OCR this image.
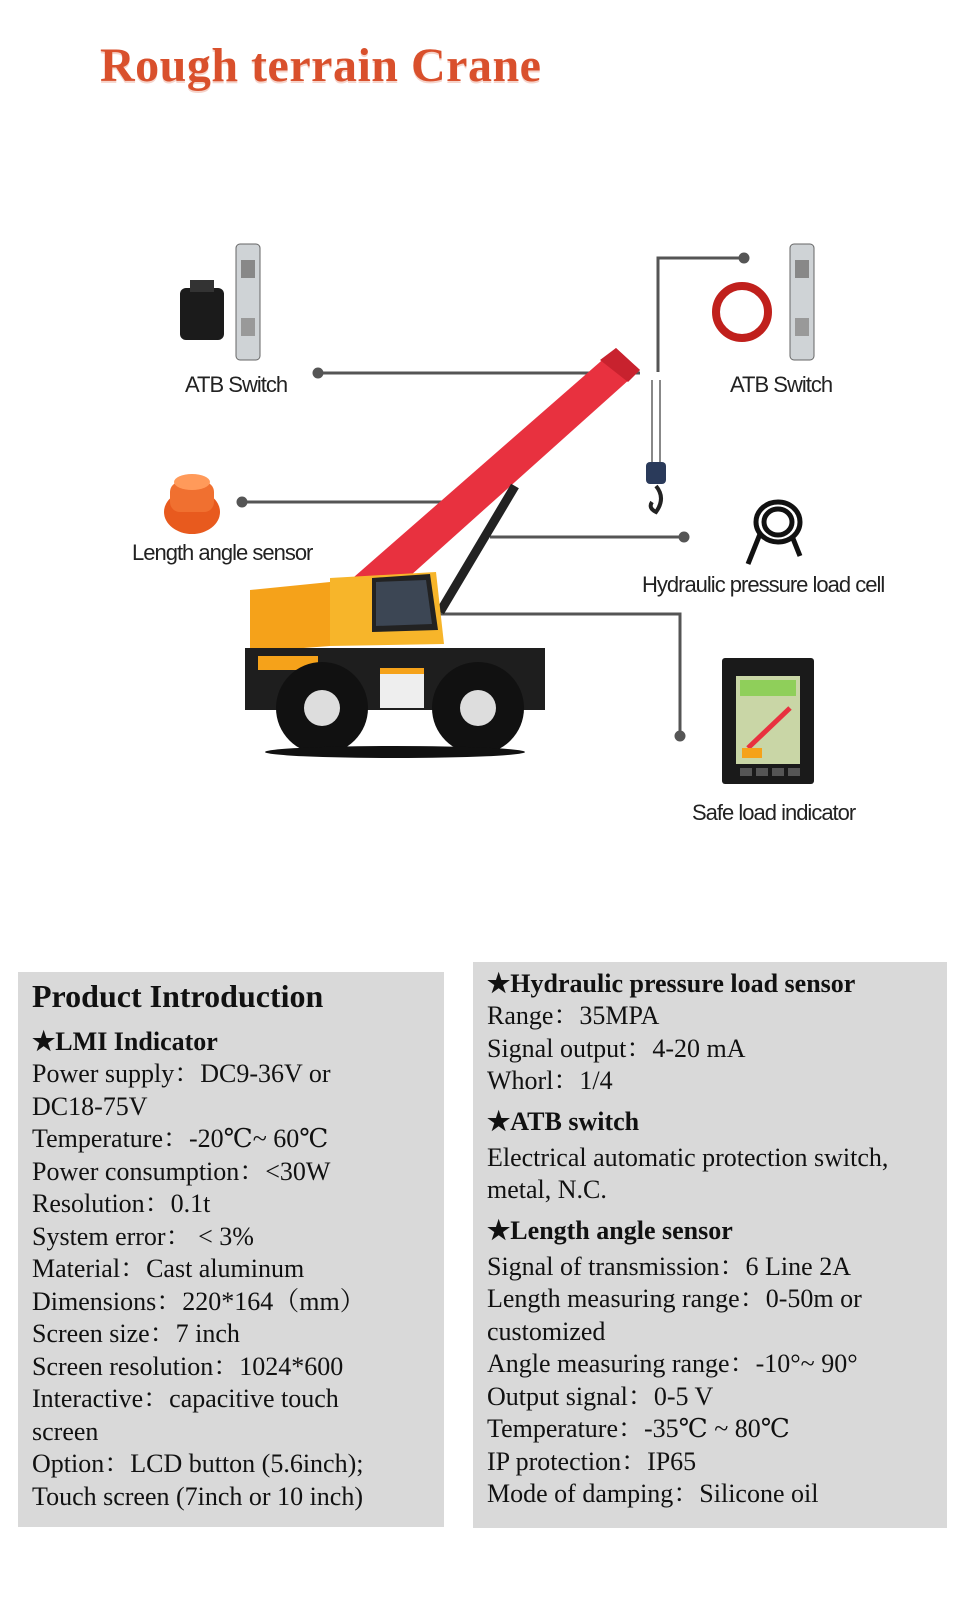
Rough terrain Crane
ATB Switch	ATB Switch
Length angle sensor
Hydraulic pressure load cell
Safe load indicator
Product Introduction
★LMI Indicator
Power supply：DC9-36V or
DC18-75V
Temperature：-20℃~ 60℃
Power consumption：<30W
Resolution：0.1t
System error： < 3%
Material：Cast aluminum
Dimensions：220*164（mm）
Screen size：7 inch
Screen resolution：1024*600
Interactive：capacitive touch
screen
Option：LCD button (5.6inch);
Touch screen (7inch or 10 inch)
★Hydraulic pressure load sensor
Range：35MPA
Signal output：4-20 mA
Whorl：1/4
★ATB switch
Electrical automatic protection switch,
metal, N.C.
★Length angle sensor
Signal of transmission：6 Line 2A
Length measuring range：0-50m or
customized
Angle measuring range：-10°~ 90°
Output signal：0-5 V
Temperature：-35℃ ~ 80℃
IP protection：IP65
Mode of damping：Silicone oil
